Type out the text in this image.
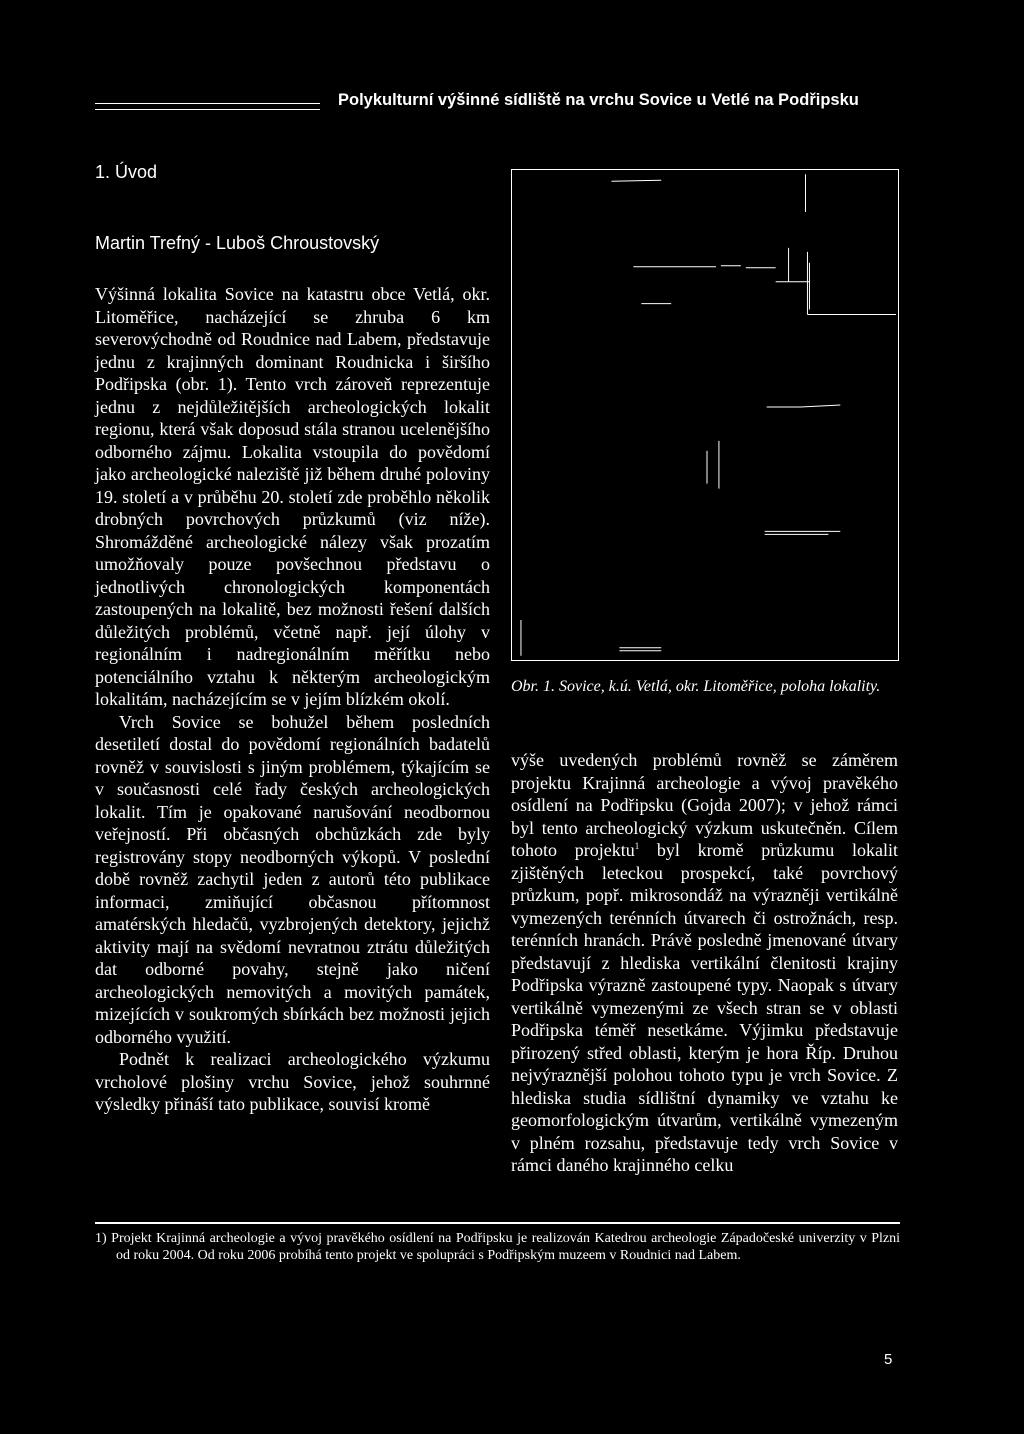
Polykulturní výšinné sídliště na vrchu Sovice u Vetlé na Podřipsku
1. Úvod
Martin Trefný - Luboš Chroustovský

Výšinná lokalita Sovice na katastru obce Vetlá, okr. Litoměřice, nacházející se zhruba 6 km severovýchodně od Roudnice nad Labem, představuje jednu z krajinných dominant Roudnicka i širšího Podřipska (obr. 1). Tento vrch zároveň reprezentuje jednu z nejdůležitějších archeologických lokalit regionu, která však doposud stála stranou ucelenějšího odborného zájmu. Lokalita vstoupila do povědomí jako archeologické naleziště již během druhé poloviny 19. století a v průběhu 20. století zde proběhlo několik drobných povrchových průzkumů (viz níže). Shromážděné archeologické nálezy však prozatím umožňovaly pouze povšechnou představu o jednotlivých chronologických komponentách zastoupených na lokalitě, bez možnosti řešení dalších důležitých problémů, včetně např. její úlohy v regionálním i nadregionálním měřítku nebo potenciálního vztahu k některým archeologickým lokalitám, nacházejícím se v jejím blízkém okolí.

Vrch Sovice se bohužel během posledních desetiletí dostal do povědomí regionálních badatelů rovněž v souvislosti s jiným problémem, týkajícím se v současnosti celé řady českých archeologických lokalit. Tím je opakované narušování neodbornou veřejností. Při občasných obchůzkách zde byly registrovány stopy neodborných výkopů. V poslední době rovněž zachytil jeden z autorů této publikace informaci, zmiňující občasnou přítomnost amatérských hledačů, vyzbrojených detektory, jejichž aktivity mají na svědomí nevratnou ztrátu důležitých dat odborné povahy, stejně jako ničení archeologických nemovitých a movitých památek, mizejících v soukromých sbírkách bez možnosti jejich odborného využití.

Podnět k realizaci archeologického výzkumu vrcholové plošiny vrchu Sovice, jehož souhrnné výsledky přináší tato publikace, souvisí kromě

Obr. 1. Sovice, k.ú. Vetlá, okr. Litoměřice, poloha lokality.

výše uvedených problémů rovněž se záměrem projektu Krajinná archeologie a vývoj pravěkého osídlení na Podřipsku (Gojda 2007); v jehož rámci byl tento archeologický výzkum uskutečněn. Cílem tohoto projektu$^1$ byl kromě průzkumu lokalit zjištěných leteckou prospekcí, také povrchový průzkum, popř. mikrosondáž na výrazněji vertikálně vymezených terénních útvarech či ostrožnách, resp. terénních hranách. Právě posledně jmenované útvary představují z hlediska vertikální členitosti krajiny Podřipska výrazně zastoupené typy. Naopak s útvary vertikálně vymezenými ze všech stran se v oblasti Podřipska téměř nesetkáme. Výjimku představuje přirozený střed oblasti, kterým je hora Říp. Druhou nejvýraznější polohou tohoto typu je vrch Sovice. Z hlediska studia sídlištní dynamiky ve vztahu ke geomorfologickým útvarům, vertikálně vymezeným v plném rozsahu, představuje tedy vrch Sovice v rámci daného krajinného celku

1) Projekt Krajinná archeologie a vývoj pravěkého osídlení na Podřipsku je realizován Katedrou archeologie Západočeské univerzity v Plzni od roku 2004. Od roku 2006 probíhá tento projekt ve spolupráci s Podřipským muzeem v Roudnici nad Labem.
5
